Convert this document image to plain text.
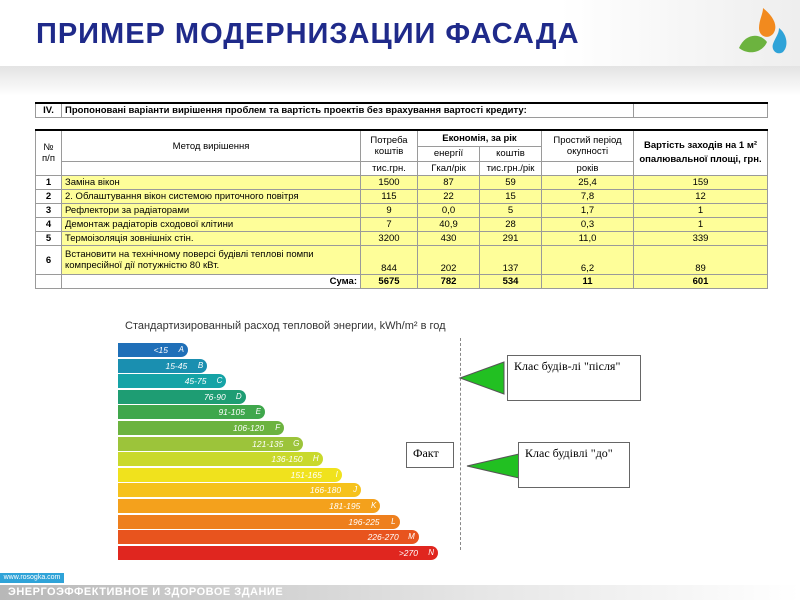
ПРИМЕР МОДЕРНИЗАЦИИ ФАСАДА
IV.	Пропоновані варіанти вирішення проблем та вартість проектів без врахування вартості кредиту:					

№ п/п	Метод вирішення	Потреба коштів	Економія, за рік		Простий період окупності	Вартість заходів на 1 м² опалювальної площі, грн.
			енергії	коштів		
		тис.грн.	Гкал/рік	тис.грн./рік	років	
1	Заміна вікон	1500	87	59	25,4	159
2	2. Облаштування вікон системою приточного повітря	115	22	15	7,8	12
3	Рефлектори за радіаторами	9	0,0	5	1,7	1
4	Демонтаж радіаторів сходової клітини	7	40,9	28	0,3	1
5	Термоізоляція зовнішніх стін.	3200	430	291	11,0	339
6	Встановити на технічному поверсі будівлі теплові помпи компресійної дії потужністю 80 кВт.	844	202	137	6,2	89
	Сума:	5675	782	534	11	601

Стандартизированный расход тепловой энергии, kWh/m² в год
<15 A
15-45 B
45-75 C
76-90 D
91-105 E
106-120 F
121-135 G
136-150 H
151-165 I
166-180 J
181-195 K
196-225 L
226-270 M
>270 N
Клас будів-лі "після"
Факт	Клас будівлі "до"
www.rosogka.com
ЭНЕРГОЭФФЕКТИВНОЕ И ЗДОРОВОЕ ЗДАНИЕ
